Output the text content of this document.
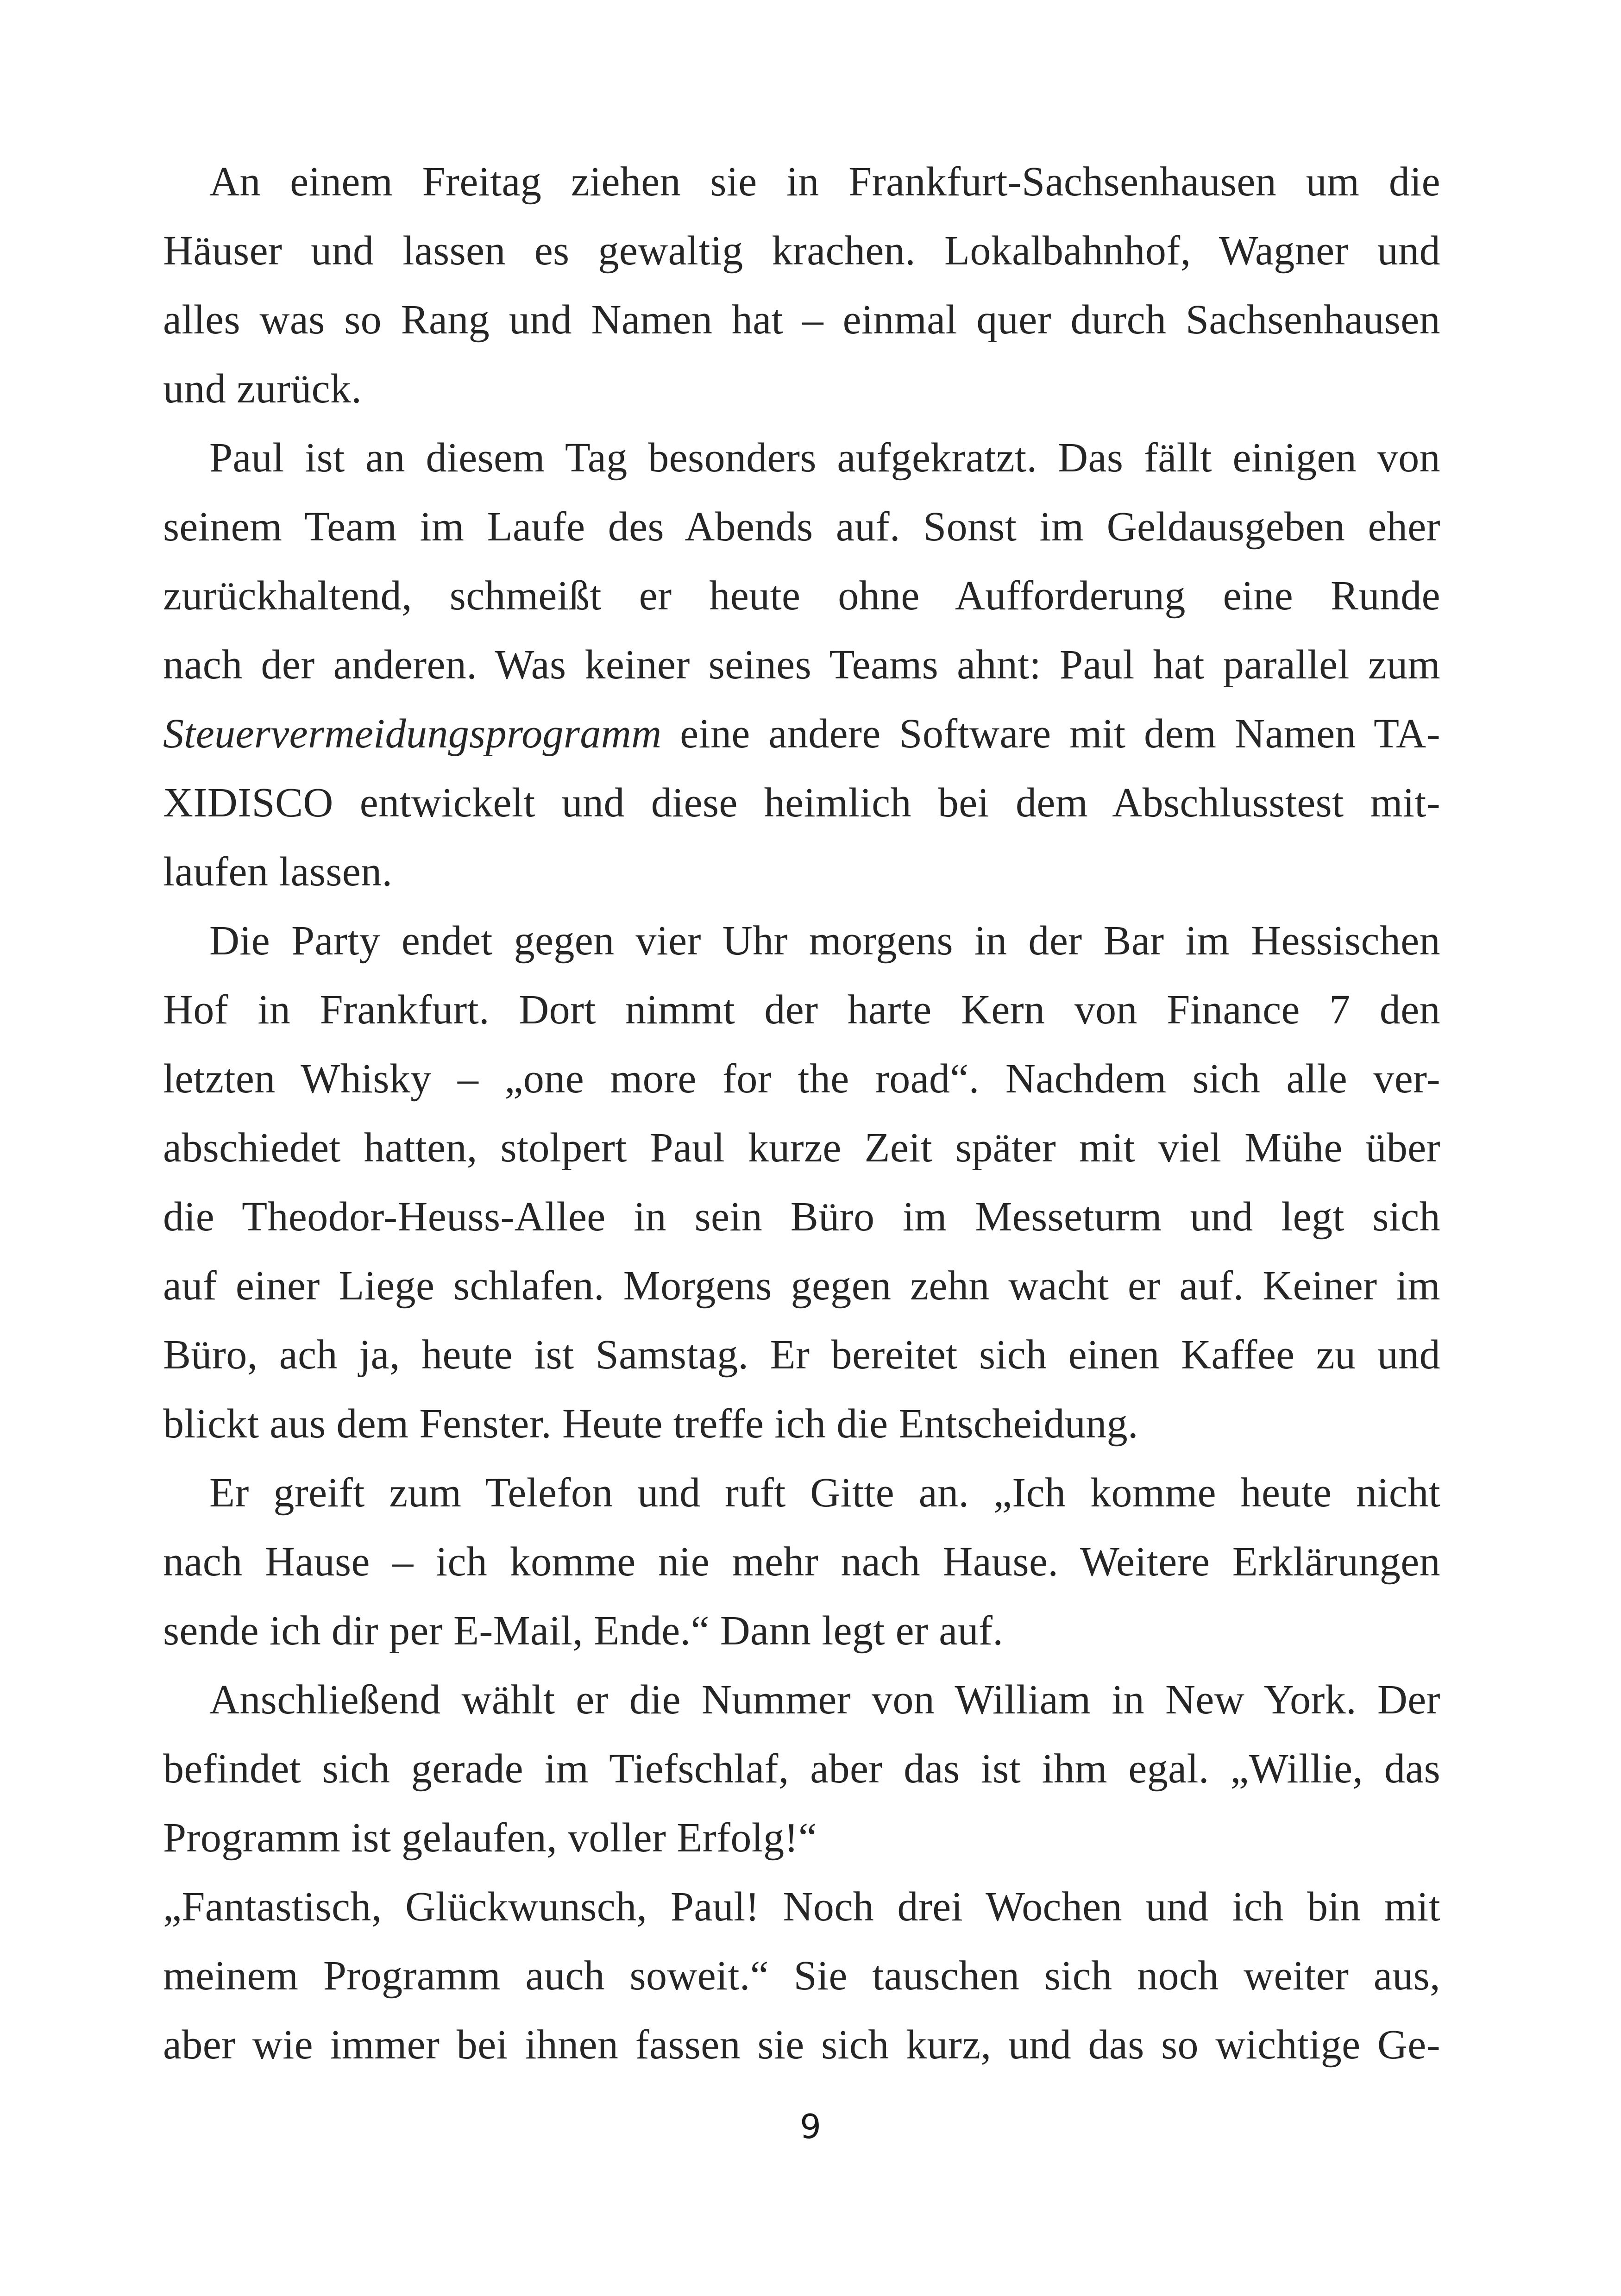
An einem Freitag ziehen sie in Frankfurt-Sachsenhausen um die
Häuser und lassen es gewaltig krachen. Lokalbahnhof, Wagner und
alles was so Rang und Namen hat – einmal quer durch Sachsenhausen
und zurück.
Paul ist an diesem Tag besonders aufgekratzt. Das fällt einigen von
seinem Team im Laufe des Abends auf. Sonst im Geldausgeben eher
zurückhaltend, schmeißt er heute ohne Aufforderung eine Runde
nach der anderen. Was keiner seines Teams ahnt: Paul hat parallel zum
Steuervermeidungsprogramm eine andere Software mit dem Namen TA-
XIDISCO entwickelt und diese heimlich bei dem Abschlusstest mit-
laufen lassen.
Die Party endet gegen vier Uhr morgens in der Bar im Hessischen
Hof in Frankfurt. Dort nimmt der harte Kern von Finance 7 den
letzten Whisky – „one more for the road“. Nachdem sich alle ver-
abschiedet hatten, stolpert Paul kurze Zeit später mit viel Mühe über
die Theodor-Heuss-Allee in sein Büro im Messeturm und legt sich
auf einer Liege schlafen. Morgens gegen zehn wacht er auf. Keiner im
Büro, ach ja, heute ist Samstag. Er bereitet sich einen Kaffee zu und
blickt aus dem Fenster. Heute treffe ich die Entscheidung.
Er greift zum Telefon und ruft Gitte an. „Ich komme heute nicht
nach Hause – ich komme nie mehr nach Hause. Weitere Erklärungen
sende ich dir per E-Mail, Ende.“ Dann legt er auf.
Anschließend wählt er die Nummer von William in New York. Der
befindet sich gerade im Tiefschlaf, aber das ist ihm egal. „Willie, das
Programm ist gelaufen, voller Erfolg!“
„Fantastisch, Glückwunsch, Paul! Noch drei Wochen und ich bin mit
meinem Programm auch soweit.“ Sie tauschen sich noch weiter aus,
aber wie immer bei ihnen fassen sie sich kurz, und das so wichtige Ge-
9
